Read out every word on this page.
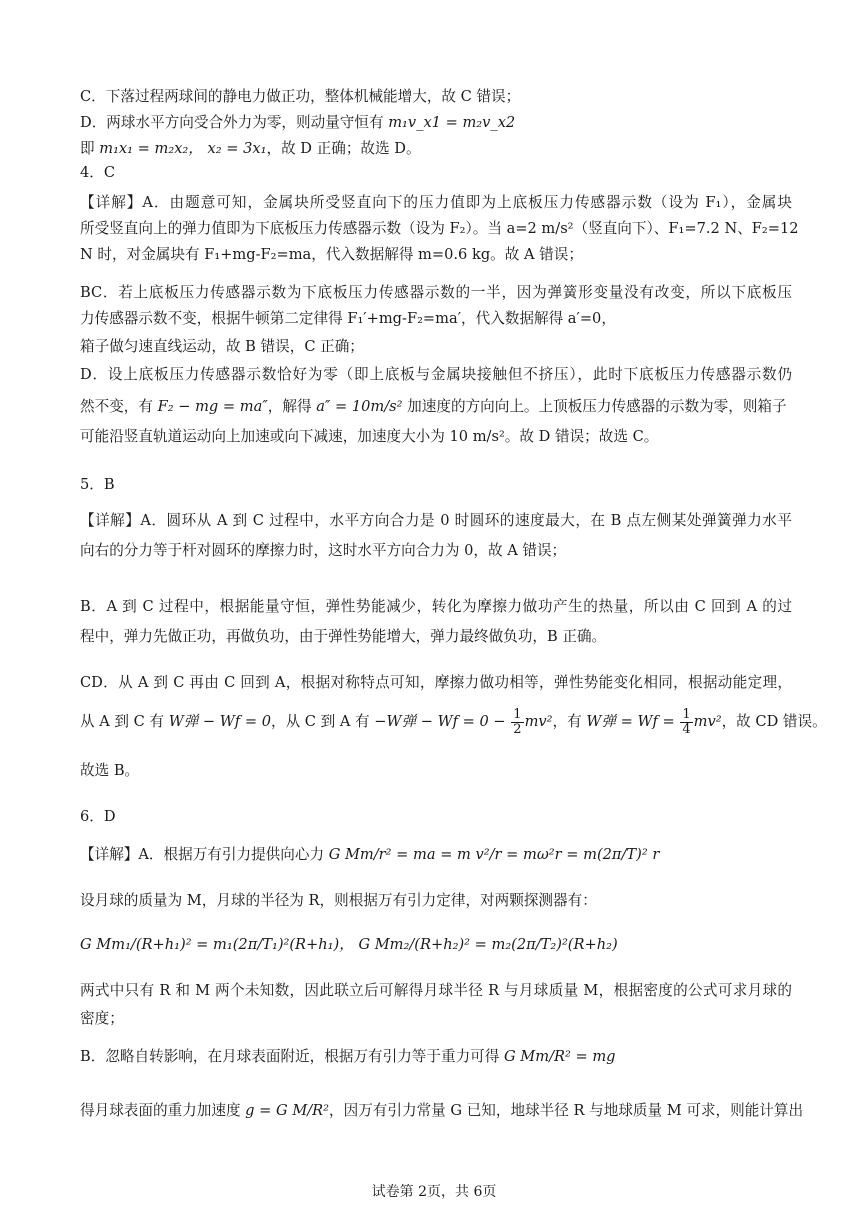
C．下落过程两球间的静电力做正功，整体机械能增大，故 C 错误；
D．两球水平方向受合外力为零，则动量守恒有 m₁v_x1 = m₂v_x2
即 m₁x₁ = m₂x₂， x₂ = 3x₁，故 D 正确；故选 D。
4．C
【详解】A．由题意可知，金属块所受竖直向下的压力值即为上底板压力传感器示数（设为 F₁），金属块
所受竖直向上的弹力值即为下底板压力传感器示数（设为 F₂）。当 a=2 m/s²（竖直向下）、F₁=7.2 N、F₂=12
N 时，对金属块有 F₁+mg-F₂=ma，代入数据解得 m=0.6 kg。故 A 错误；
BC．若上底板压力传感器示数为下底板压力传感器示数的一半，因为弹簧形变量没有改变，所以下底板压
力传感器示数不变，根据牛顿第二定律得 F₁′+mg-F₂=ma′，代入数据解得 a′=0，
箱子做匀速直线运动，故 B 错误，C 正确；
D．设上底板压力传感器示数恰好为零（即上底板与金属块接触但不挤压），此时下底板压力传感器示数仍
然不变，有 F₂ − mg = ma″，解得 a″ = 10m/s² 加速度的方向向上。上顶板压力传感器的示数为零，则箱子
可能沿竖直轨道运动向上加速或向下减速，加速度大小为 10 m/s²。故 D 错误；故选 C。
5．B
【详解】A．圆环从 A 到 C 过程中，水平方向合力是 0 时圆环的速度最大，在 B 点左侧某处弹簧弹力水平
向右的分力等于杆对圆环的摩擦力时，这时水平方向合力为 0，故 A 错误；
B．A 到 C 过程中，根据能量守恒，弹性势能减少，转化为摩擦力做功产生的热量，所以由 C 回到 A 的过
程中，弹力先做正功，再做负功，由于弹性势能增大，弹力最终做负功，B 正确。
CD．从 A 到 C 再由 C 回到 A，根据对称特点可知，摩擦力做功相等，弹性势能变化相同，根据动能定理，
从 A 到 C 有 W弹 − Wf = 0，从 C 到 A 有 −W弹 − $Wf = 0 - \frac{1}{2} mv^2$，有 W弹 = $Wf = \frac{1}{4} mv^2$，故 CD 错误。
故选 B。
6．D
【详解】A．根据万有引力提供向心力 G Mm/r² = ma = m v²/r = mω²r = m(2π/T)² r
设月球的质量为 M，月球的半径为 R，则根据万有引力定律，对两颗探测器有：
G Mm₁/(R+h₁)² = m₁(2π/T₁)²(R+h₁)， G Mm₂/(R+h₂)² = m₂(2π/T₂)²(R+h₂)
两式中只有 R 和 M 两个未知数，因此联立后可解得月球半径 R 与月球质量 M，根据密度的公式可求月球的
密度；
B．忽略自转影响，在月球表面附近，根据万有引力等于重力可得 G Mm/R² = mg
得月球表面的重力加速度 g = G M/R²，因万有引力常量 G 已知，地球半径 R 与地球质量 M 可求，则能计算出
试卷第 2页，共 6页
